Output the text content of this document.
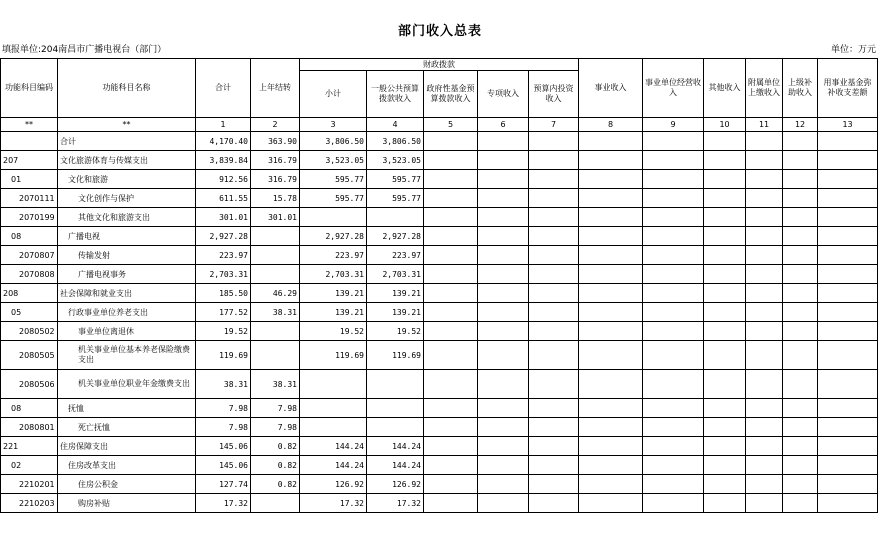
部门收入总表
填报单位:204南昌市广播电视台（部门）	单位：万元
功能科目编码	功能科目名称	合计	上年结转	财政拨款					事业收入	事业单位经营收入	其他收入	附属单位上缴收入	上级补助收入	用事业基金弥补收支差额
				小计	一般公共预算拨款收入	政府性基金预算拨款收入	专项收入	预算内投资收入						
**	**	1	2	3	4	5	6	7	8	9	10	11	12	13
	合计	4,170.40	363.90	3,806.50	3,806.50									
207	文化旅游体育与传媒支出	3,839.84	316.79	3,523.05	3,523.05									
01	文化和旅游	912.56	316.79	595.77	595.77									
2070111	文化创作与保护	611.55	15.78	595.77	595.77									
2070199	其他文化和旅游支出	301.01	301.01											
08	广播电视	2,927.28		2,927.28	2,927.28									
2070807	传输发射	223.97		223.97	223.97									
2070808	广播电视事务	2,703.31		2,703.31	2,703.31									
208	社会保障和就业支出	185.50	46.29	139.21	139.21									
05	行政事业单位养老支出	177.52	38.31	139.21	139.21									
2080502	事业单位离退休	19.52		19.52	19.52									
2080505	机关事业单位基本养老保险缴费支出	119.69		119.69	119.69									
2080506	机关事业单位职业年金缴费支出	38.31	38.31											
08	抚恤	7.98	7.98											
2080801	死亡抚恤	7.98	7.98											
221	住房保障支出	145.06	0.82	144.24	144.24									
02	住房改革支出	145.06	0.82	144.24	144.24									
2210201	住房公积金	127.74	0.82	126.92	126.92									
2210203	购房补贴	17.32		17.32	17.32									
